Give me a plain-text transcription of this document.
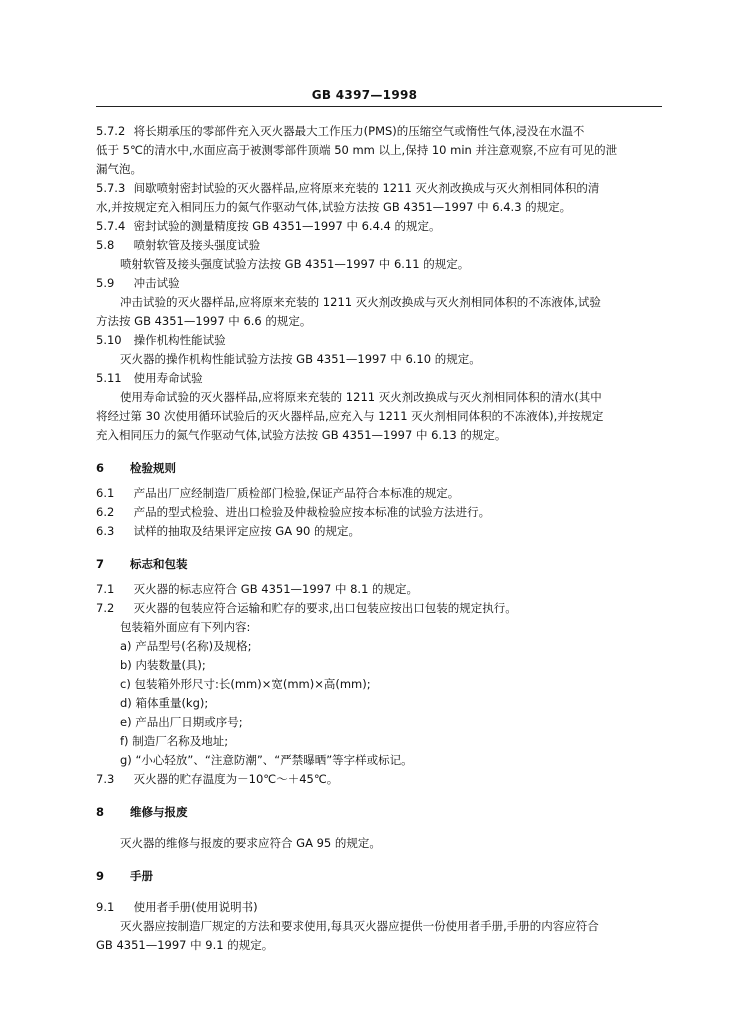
GB 4397—1998
5.7.2 将长期承压的零部件充入灭火器最大工作压力(PMS)的压缩空气或惰性气体,浸没在水温不
低于 5℃的清水中,水面应高于被测零部件顶端 50 mm 以上,保持 10 min 并注意观察,不应有可见的泄
漏气泡。
5.7.3 间歇喷射密封试验的灭火器样品,应将原来充装的 1211 灭火剂改换成与灭火剂相同体积的清
水,并按规定充入相同压力的氮气作驱动气体,试验方法按 GB 4351—1997 中 6.4.3 的规定。
5.7.4 密封试验的测量精度按 GB 4351—1997 中 6.4.4 的规定。
5.8 喷射软管及接头强度试验
喷射软管及接头强度试验方法按 GB 4351—1997 中 6.11 的规定。
5.9 冲击试验
冲击试验的灭火器样品,应将原来充装的 1211 灭火剂改换成与灭火剂相同体积的不冻液体,试验
方法按 GB 4351—1997 中 6.6 的规定。
5.10 操作机构性能试验
灭火器的操作机构性能试验方法按 GB 4351—1997 中 6.10 的规定。
5.11 使用寿命试验
使用寿命试验的灭火器样品,应将原来充装的 1211 灭火剂改换成与灭火剂相同体积的清水(其中
将经过第 30 次使用循环试验后的灭火器样品,应充入与 1211 灭火剂相同体积的不冻液体),并按规定
充入相同压力的氮气作驱动气体,试验方法按 GB 4351—1997 中 6.13 的规定。
6 检验规则
6.1 产品出厂应经制造厂质检部门检验,保证产品符合本标准的规定。
6.2 产品的型式检验、进出口检验及仲裁检验应按本标准的试验方法进行。
6.3 试样的抽取及结果评定应按 GA 90 的规定。
7 标志和包装
7.1 灭火器的标志应符合 GB 4351—1997 中 8.1 的规定。
7.2 灭火器的包装应符合运输和贮存的要求,出口包装应按出口包装的规定执行。
包装箱外面应有下列内容:
a) 产品型号(名称)及规格;
b) 内装数量(具);
c) 包装箱外形尺寸:长(mm)×宽(mm)×高(mm);
d) 箱体重量(kg);
e) 产品出厂日期或序号;
f) 制造厂名称及地址;
g) “小心轻放”、“注意防潮”、“严禁曝晒”等字样或标记。
7.3 灭火器的贮存温度为－10℃～＋45℃。
8 维修与报废
灭火器的维修与报废的要求应符合 GA 95 的规定。
9 手册
9.1 使用者手册(使用说明书)
灭火器应按制造厂规定的方法和要求使用,每具灭火器应提供一份使用者手册,手册的内容应符合
GB 4351—1997 中 9.1 的规定。
